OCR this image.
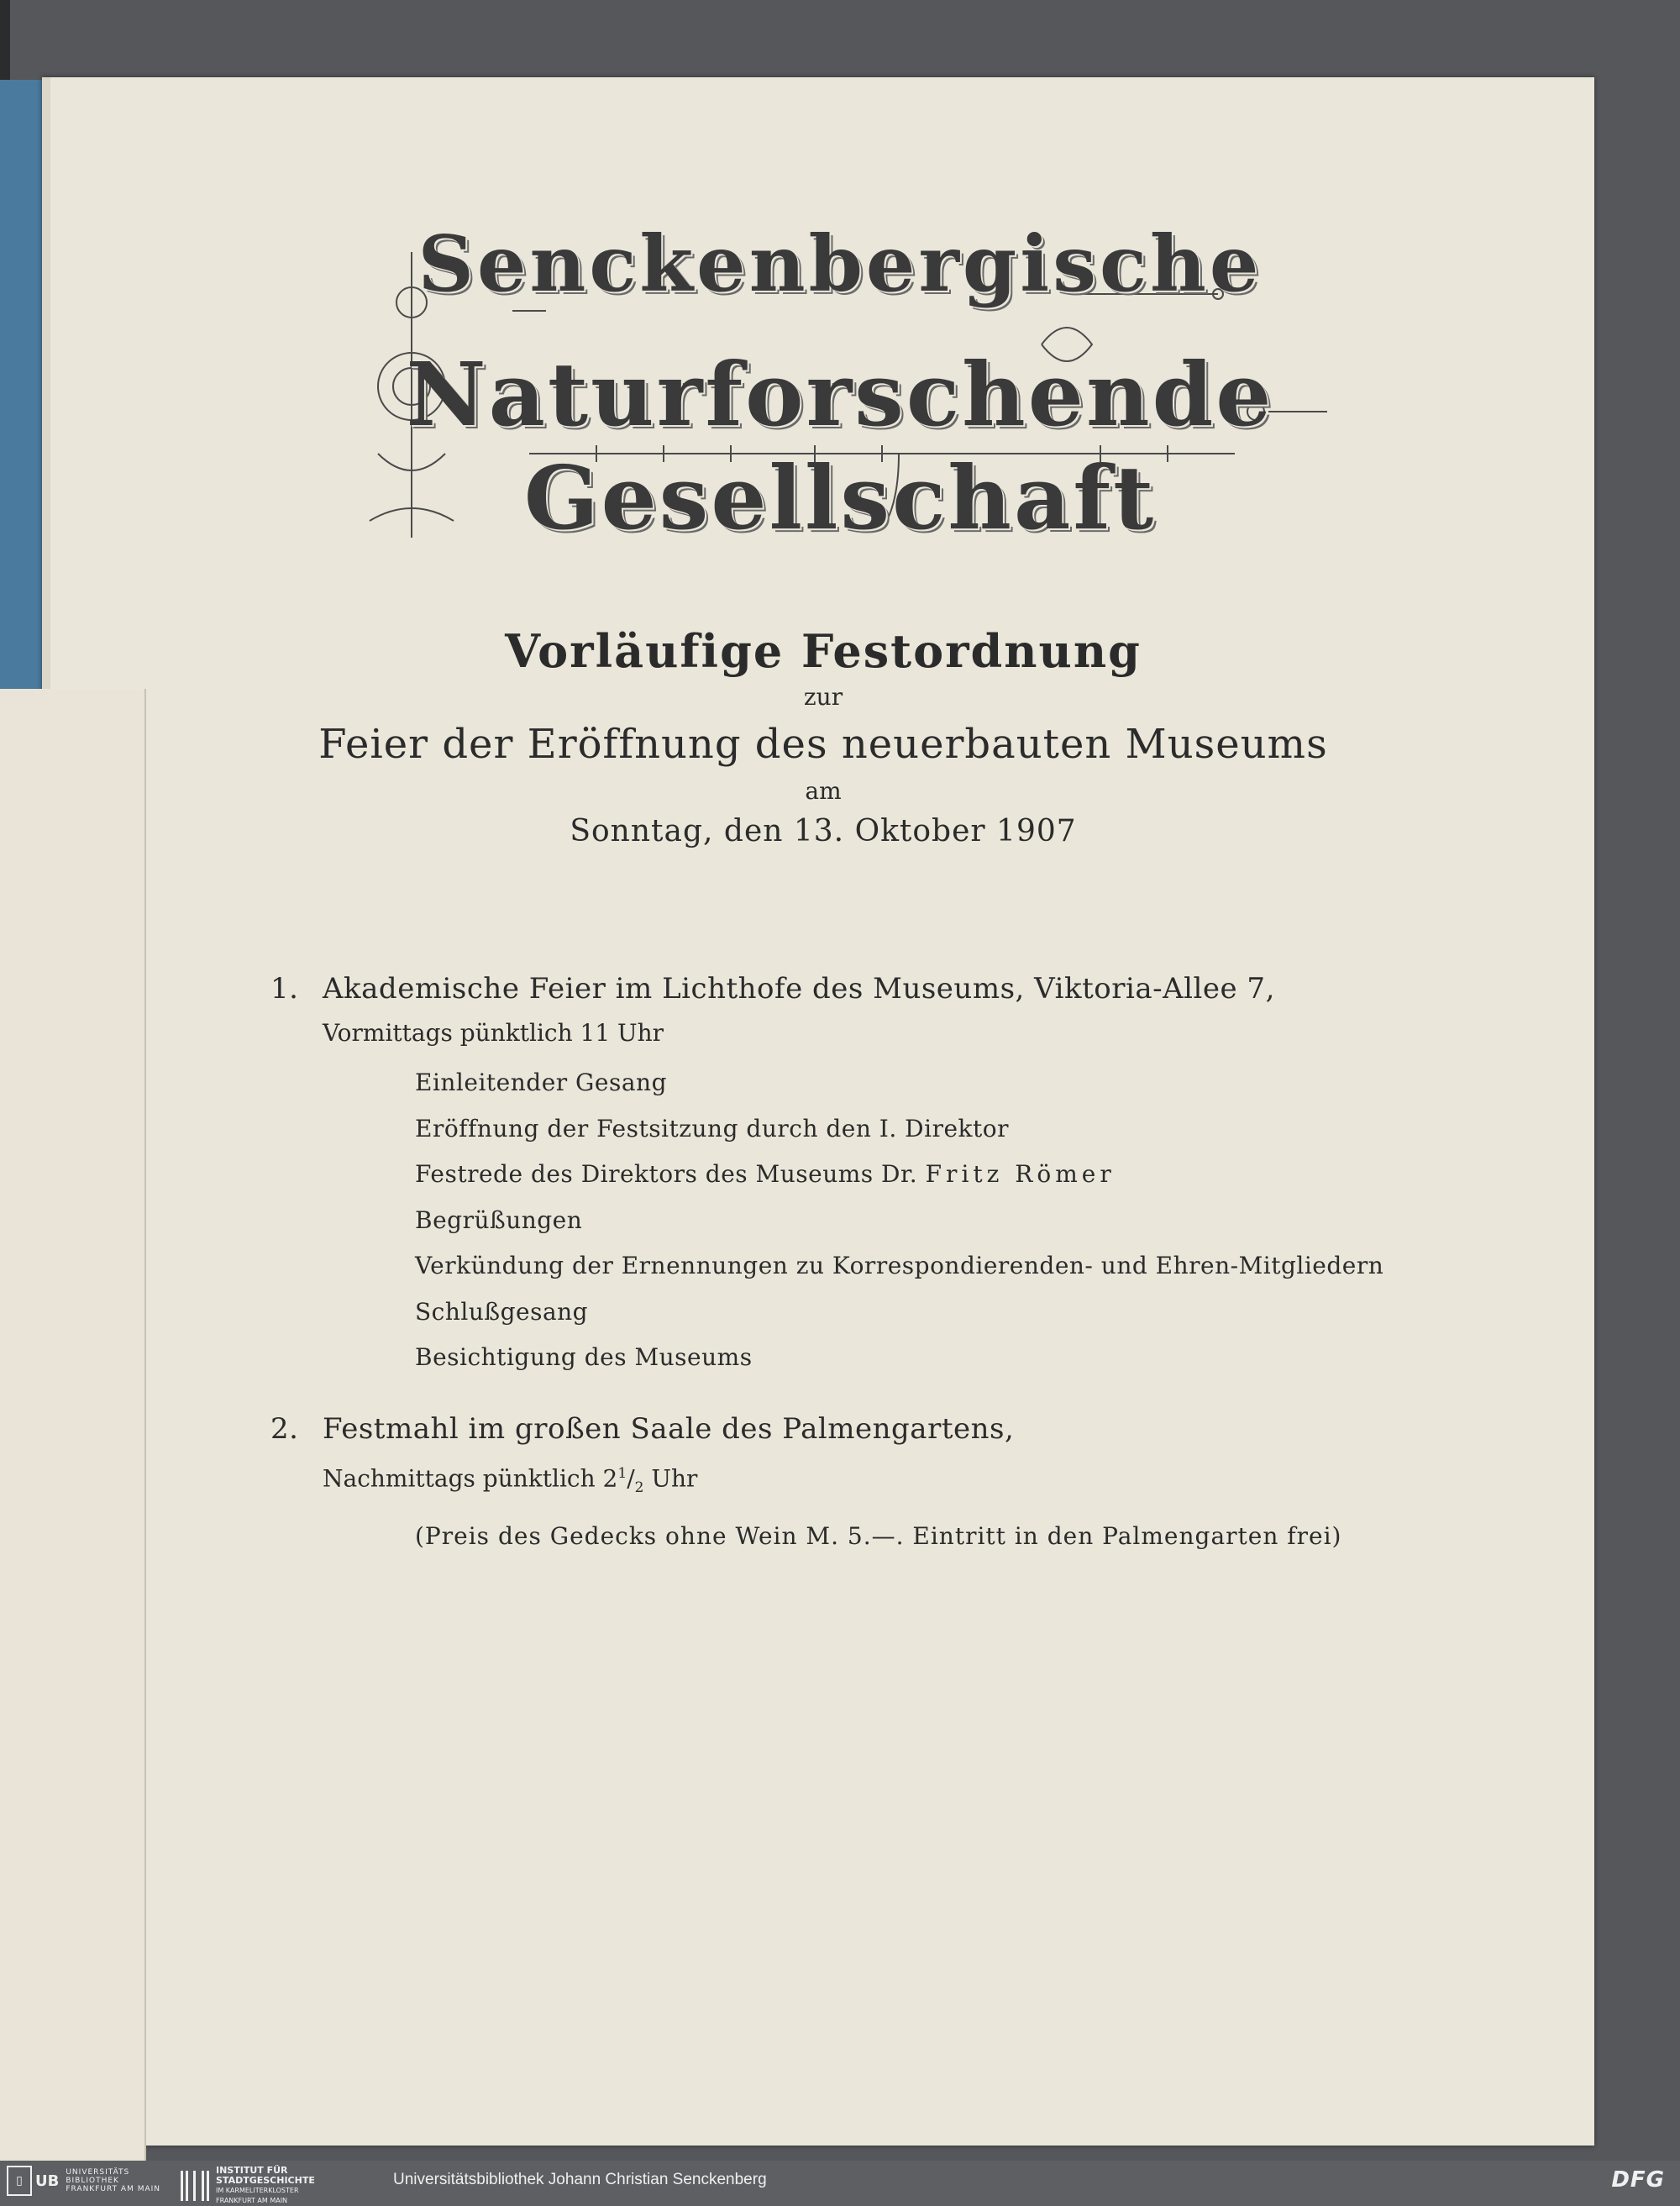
Senckenbergische
Naturforschende Gesellschaft

Vorläufige Festordnung

zur

Feier der Eröffnung des neuerbauten Museums

am

Sonntag, den 13. Oktober 1907

1. Akademische Feier im Lichthofe des Museums, Viktoria-Allee 7,

Vormittags pünktlich 11 Uhr

Einleitender Gesang
Eröffnung der Festsitzung durch den I. Direktor
Festrede des Direktors des Museums Dr. Fritz Römer
Begrüßungen
Verkündung der Ernennungen zu Korrespondierenden- und Ehren-Mitgliedern
Schlußgesang
Besichtigung des Museums

2. Festmahl im großen Saale des Palmengartens,

Nachmittags pünktlich $2^1/_2$ Uhr

(Preis des Gedecks ohne Wein M. 5.—. Eintritt in den Palmengarten frei)

▯ UB UNIVERSITÄTS
BIBLIOTHEK
FRANKFURT AM MAIN
INSTITUT FÜR
STADTGESCHICHTE
IM KARMELITERKLOSTER
FRANKFURT AM MAIN
Universitätsbibliothek Johann Christian Senckenberg	DFG
